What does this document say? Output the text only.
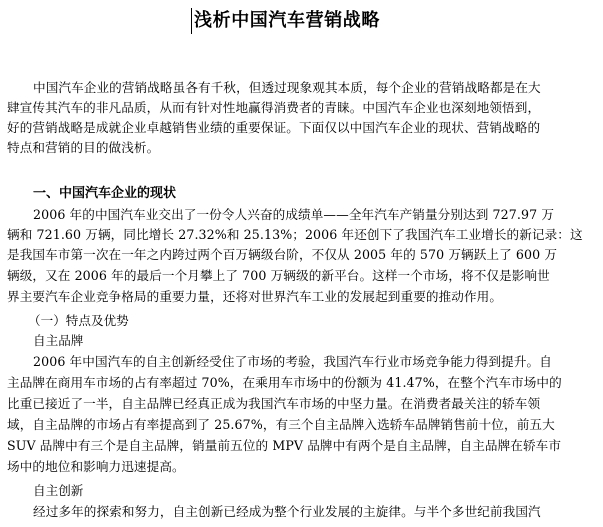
浅析中国汽车营销战略
中国汽车企业的营销战略虽各有千秋，但透过现象观其本质，每个企业的营销战略都是在大
肆宣传其汽车的非凡品质，从而有针对性地赢得消费者的青睐。中国汽车企业也深刻地领悟到，
好的营销战略是成就企业卓越销售业绩的重要保证。下面仅以中国汽车企业的现状、营销战略的
特点和营销的目的做浅析。
一、中国汽车企业的现状
2006 年的中国汽车业交出了一份令人兴奋的成绩单——全年汽车产销量分别达到 727.97 万
辆和 721.60 万辆，同比增长 27.32%和 25.13%；2006 年还创下了我国汽车工业增长的新记录：这
是我国车市第一次在一年之内跨过两个百万辆级台阶，不仅从 2005 年的 570 万辆跃上了 600 万
辆级，又在 2006 年的最后一个月攀上了 700 万辆级的新平台。这样一个市场，将不仅是影响世
界主要汽车企业竞争格局的重要力量，还将对世界汽车工业的发展起到重要的推动作用。
（一）特点及优势
自主品牌
2006 年中国汽车的自主创新经受住了市场的考验，我国汽车行业市场竞争能力得到提升。自
主品牌在商用车市场的占有率超过 70%，在乘用车市场中的份额为 41.47%，在整个汽车市场中的
比重已接近了一半，自主品牌已经真正成为我国汽车市场的中坚力量。在消费者最关注的轿车领
域，自主品牌的市场占有率提高到了 25.67%，有三个自主品牌入选轿车品牌销售前十位，前五大
SUV 品牌中有三个是自主品牌，销量前五位的 MPV 品牌中有两个是自主品牌，自主品牌在轿车市
场中的地位和影响力迅速提高。
自主创新
经过多年的探索和努力，自主创新已经成为整个行业发展的主旋律。与半个多世纪前我国汽
